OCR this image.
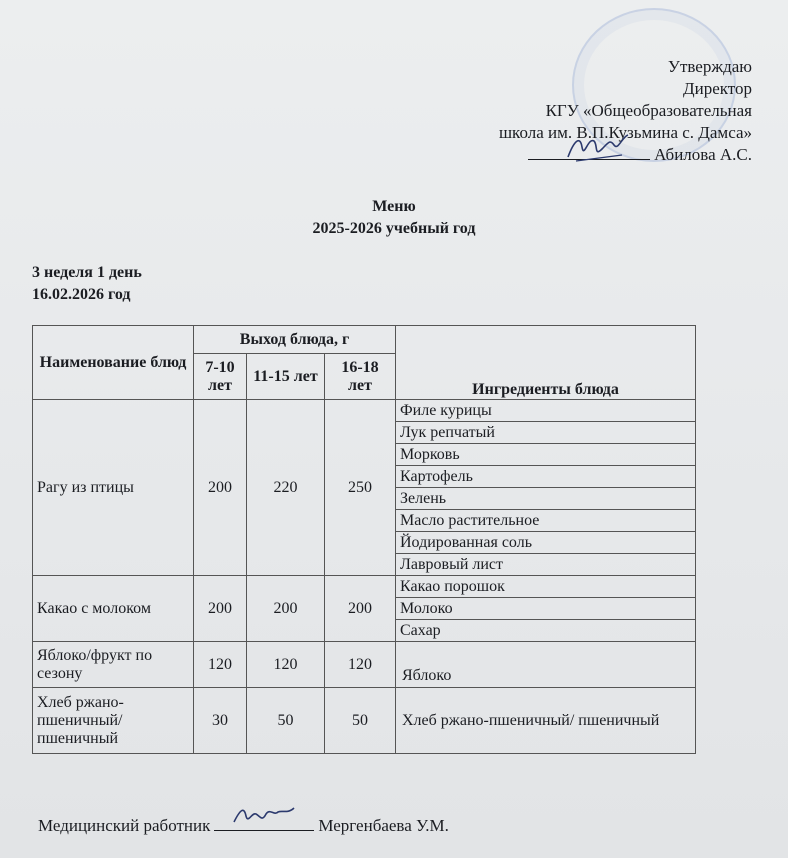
Утверждаю
Директор
КГУ «Общеобразовательная
школа им. В.П.Кузьмина с. Дамса»
Абилова А.С.
Меню
2025-2026 учебный год
3 неделя 1 день
16.02.2026 год
Наименование блюд	Выход блюда, г			Ингредиенты блюда
	7-10 лет	11-15 лет	16-18 лет	
Рагу из птицы	200	220	250	Филе курицы
				Лук репчатый
				Морковь
				Картофель
				Зелень
				Масло растительное
				Йодированная соль
				Лавровый лист
Какао с молоком	200	200	200	Какао порошок
				Молоко
				Сахар
Яблоко/фрукт по сезону	120	120	120	Яблоко
Хлеб ржано-пшеничный/ пшеничный	30	50	50	Хлеб ржано-пшеничный/ пшеничный
Медицинский работник	Мергенбаева У.М.
